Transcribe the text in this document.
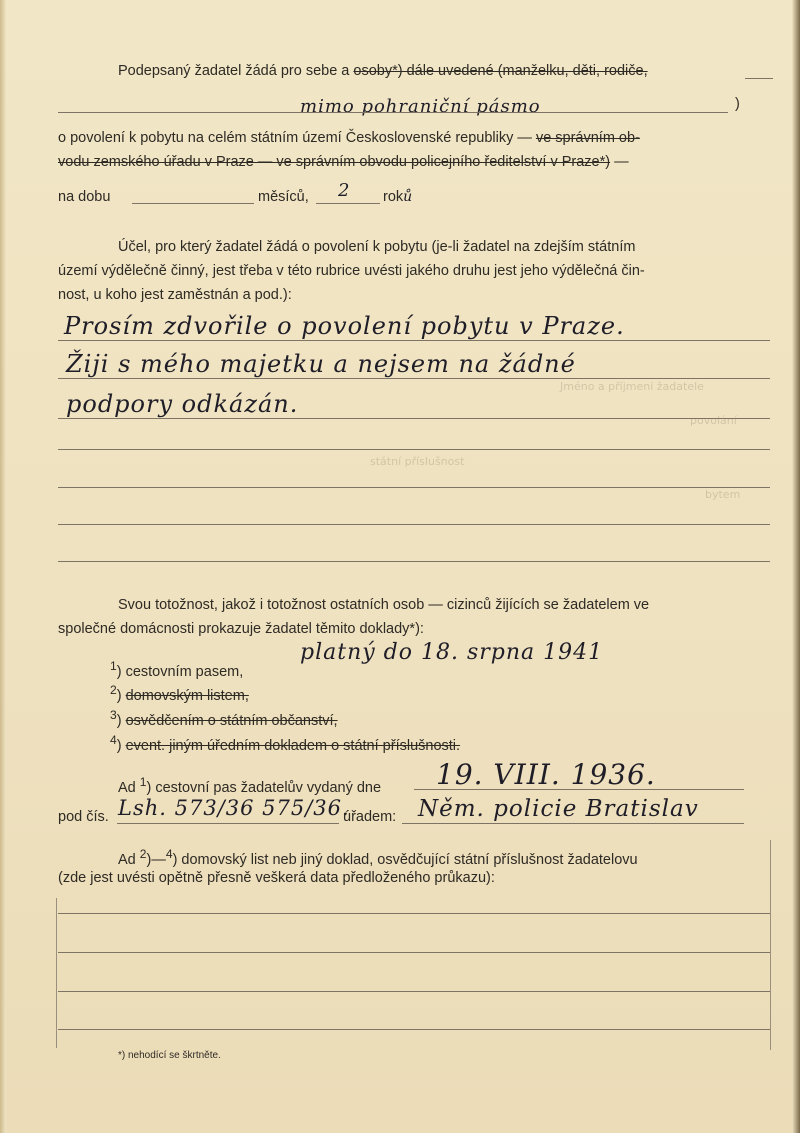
Jméno a příjmení žadatele
povolání
státní příslušnost
bytem
Podepsaný žadatel žádá pro sebe a osoby*) dále uvedené (manželku, děti, rodiče,
mimo pohraniční pásmo	)
o povolení k pobytu na celém státním území Československé republiky — ve správním ob-
vodu zemského úřadu v Praze — ve správním obvodu policejního ředitelství v Praze*) —
na dobu	měsíců, 2 roků
Účel, pro který žadatel žádá o povolení k pobytu (je-li žadatel na zdejším státním
území výdělečně činný, jest třeba v této rubrice uvésti jakého druhu jest jeho výdělečná čin-
nost, u koho jest zaměstnán a pod.):
Prosím zdvořile o povolení pobytu v Praze.
Žiji s mého majetku a nejsem na žádné
podpory odkázán.
Svou totožnost, jakož i totožnost ostatních osob — cizinců žijících se žadatelem ve
společné domácnosti prokazuje žadatel těmito doklady*):
$^1$) cestovním pasem,
platný do 18. srpna 1941
$^2$) domovským listem,
$^3$) osvědčením o státním občanství,
$^4$) event. jiným úředním dokladem o státní příslušnosti.
Ad $^1$) cestovní pas žadatelův vydaný dne 19. VIII. 1936.
pod čís. Lsh. 573/36 575/36.
úřadem: Něm. policie Bratislav
Ad $^2$)—$^4$) domovský list neb jiný doklad, osvědčující státní příslušnost žadatelovu
(zde jest uvésti opětně přesně veškerá data předloženého průkazu):
*) nehodící se škrtněte.
